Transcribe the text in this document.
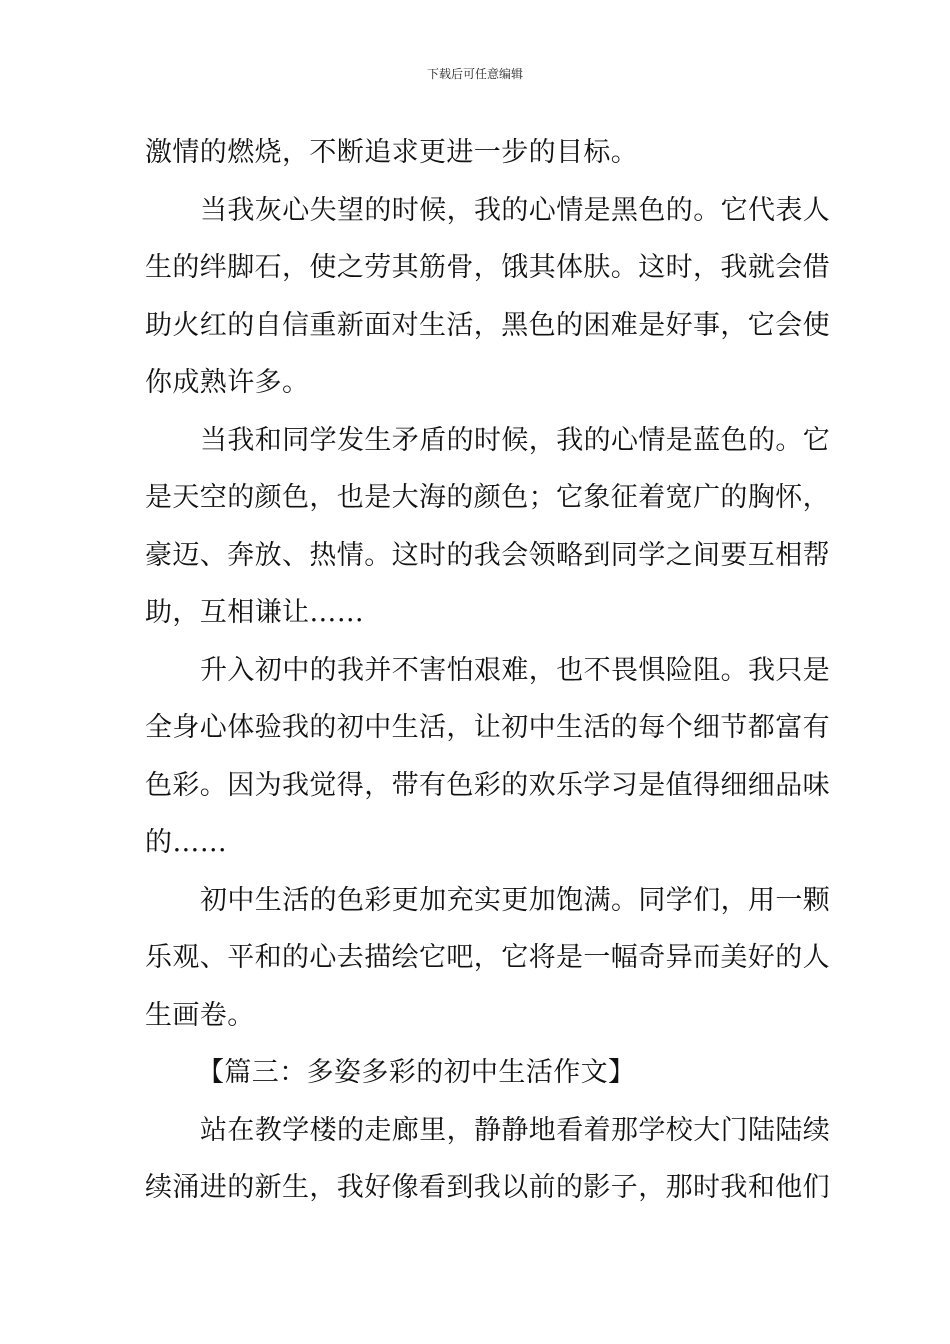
下载后可任意编辑
激情的燃烧，不断追求更进一步的目标。
当我灰心失望的时候，我的心情是黑色的。它代表人
生的绊脚石，使之劳其筋骨，饿其体肤。这时，我就会借
助火红的自信重新面对生活，黑色的困难是好事，它会使
你成熟许多。
当我和同学发生矛盾的时候，我的心情是蓝色的。它
是天空的颜色，也是大海的颜色；它象征着宽广的胸怀，
豪迈、奔放、热情。这时的我会领略到同学之间要互相帮
助，互相谦让……
升入初中的我并不害怕艰难，也不畏惧险阻。我只是
全身心体验我的初中生活，让初中生活的每个细节都富有
色彩。因为我觉得，带有色彩的欢乐学习是值得细细品味
的……
初中生活的色彩更加充实更加饱满。同学们，用一颗
乐观、平和的心去描绘它吧，它将是一幅奇异而美好的人
生画卷。
【篇三：多姿多彩的初中生活作文】
站在教学楼的走廊里，静静地看着那学校大门陆陆续
续涌进的新生，我好像看到我以前的影子，那时我和他们
